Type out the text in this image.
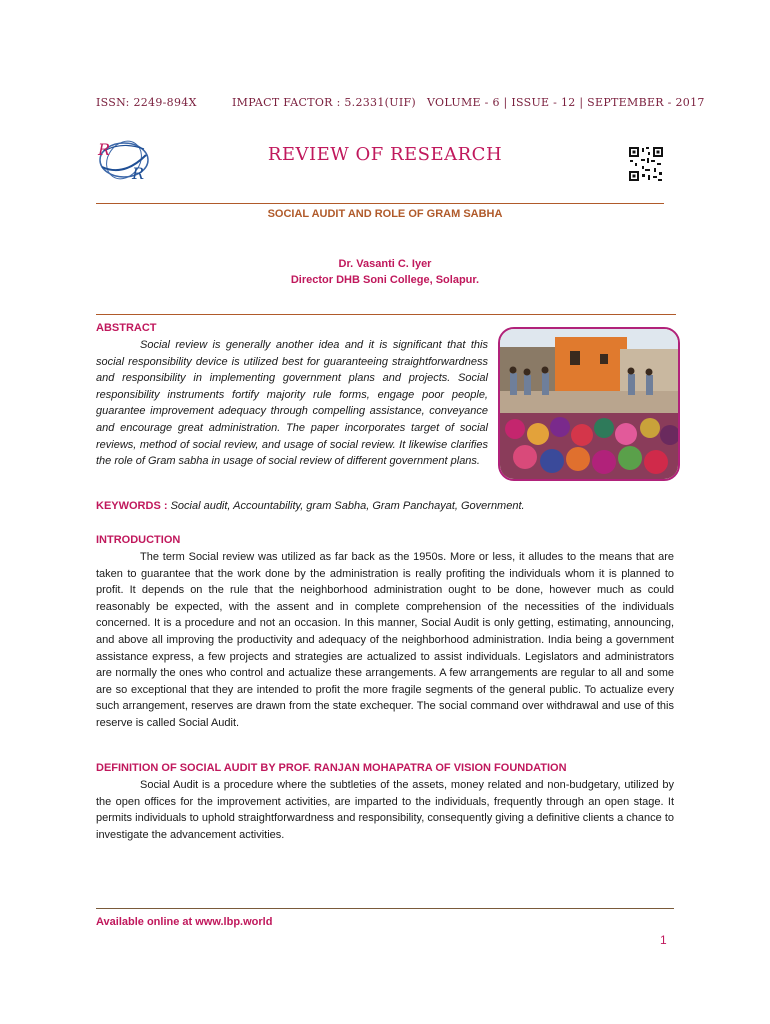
ISSN: 2249-894X	IMPACT FACTOR : 5.2331(UIF) VOLUME - 6 | ISSUE - 12 | SEPTEMBER - 2017
R
R
REVIEW OF RESEARCH
SOCIAL AUDIT AND ROLE OF GRAM SABHA
Dr. Vasanti C. Iyer
Director DHB Soni College, Solapur.
ABSTRACT

Social review is generally another idea and it is significant that this social responsibility device is utilized best for guaranteeing straightforwardness and responsibility in implementing government plans and projects. Social responsibility instruments fortify majority rule forms, engage poor people, guarantee improvement adequacy through compelling assistance, conveyance and encourage great administration. The paper incorporates target of social reviews, method of social review, and usage of social review. It likewise clarifies the role of Gram sabha in usage of social review of different government plans.

KEYWORDS : Social audit, Accountability, gram Sabha, Gram Panchayat, Government.
INTRODUCTION

The term Social review was utilized as far back as the 1950s. More or less, it alludes to the means that are taken to guarantee that the work done by the administration is really profiting the individuals whom it is planned to profit. It depends on the rule that the neighborhood administration ought to be done, however much as could reasonably be expected, with the assent and in complete comprehension of the necessities of the individuals concerned. It is a procedure and not an occasion. In this manner, Social Audit is only getting, estimating, announcing, and above all improving the productivity and adequacy of the neighborhood administration. India being a government assistance express, a few projects and strategies are actualized to assist individuals. Legislators and administrators are normally the ones who control and actualize these arrangements. A few arrangements are regular to all and some are so exceptional that they are intended to profit the more fragile segments of the general public. To actualize every such arrangement, reserves are drawn from the state exchequer. The social command over withdrawal and use of this reserve is called Social Audit.

DEFINITION OF SOCIAL AUDIT BY PROF. RANJAN MOHAPATRA OF VISION FOUNDATION

Social Audit is a procedure where the subtleties of the assets, money related and non-budgetary, utilized by the open offices for the improvement activities, are imparted to the individuals, frequently through an open stage. It permits individuals to uphold straightforwardness and responsibility, consequently giving a definitive clients a chance to investigate the advancement activities.

Available online at www.lbp.world
1
